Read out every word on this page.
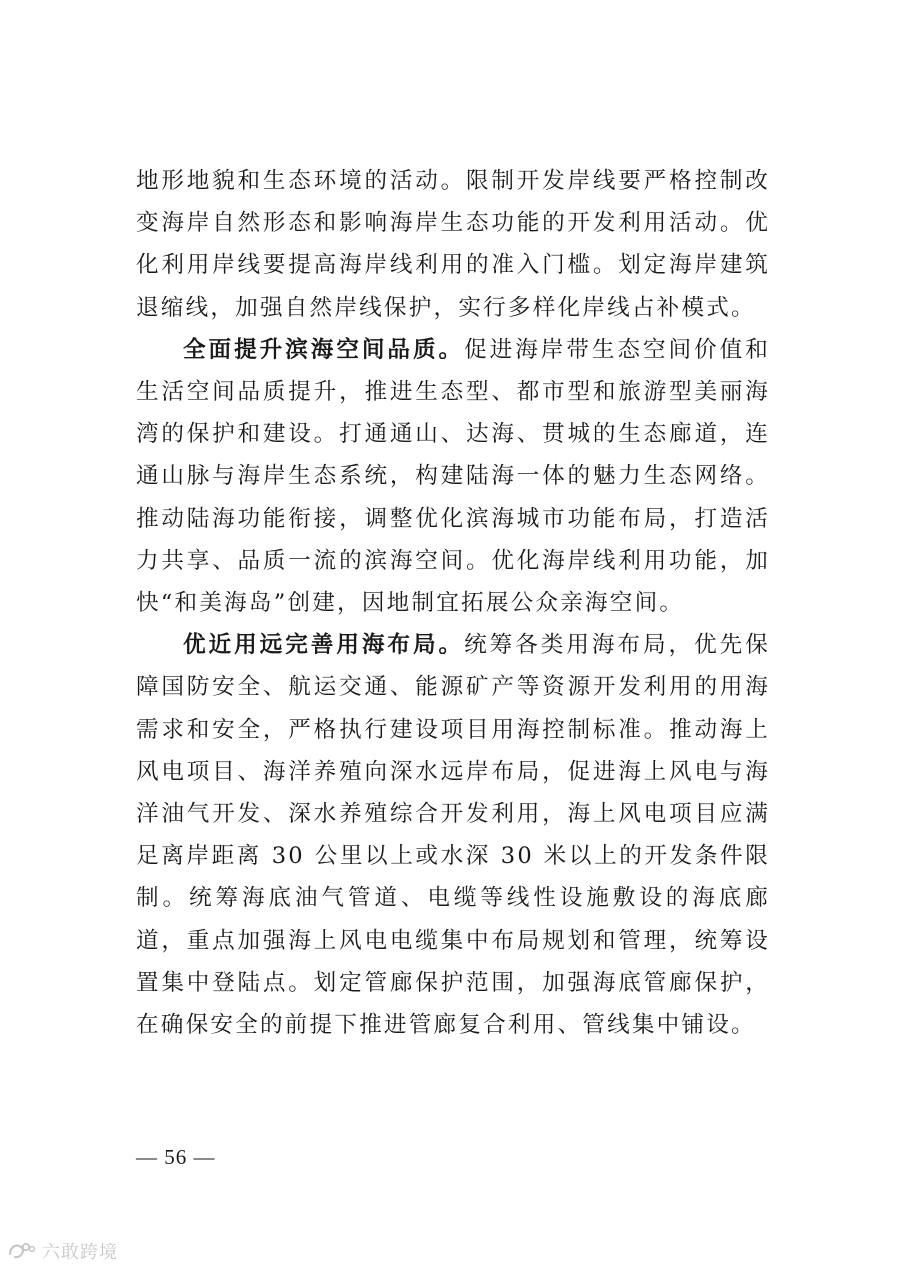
地形地貌和生态环境的活动。限制开发岸线要严格控制改变海岸自然形态和影响海岸生态功能的开发利用活动。优化利用岸线要提高海岸线利用的准入门槛。划定海岸建筑退缩线，加强自然岸线保护，实行多样化岸线占补模式。

全面提升滨海空间品质。促进海岸带生态空间价值和生活空间品质提升，推进生态型、都市型和旅游型美丽海湾的保护和建设。打通通山、达海、贯城的生态廊道，连通山脉与海岸生态系统，构建陆海一体的魅力生态网络。推动陆海功能衔接，调整优化滨海城市功能布局，打造活力共享、品质一流的滨海空间。优化海岸线利用功能，加快“和美海岛”创建，因地制宜拓展公众亲海空间。

优近用远完善用海布局。统筹各类用海布局，优先保障国防安全、航运交通、能源矿产等资源开发利用的用海需求和安全，严格执行建设项目用海控制标准。推动海上风电项目、海洋养殖向深水远岸布局，促进海上风电与海洋油气开发、深水养殖综合开发利用，海上风电项目应满足离岸距离 30 公里以上或水深 30 米以上的开发条件限制。统筹海底油气管道、电缆等线性设施敷设的海底廊道，重点加强海上风电电缆集中布局规划和管理，统筹设置集中登陆点。划定管廊保护范围，加强海底管廊保护，在确保安全的前提下推进管廊复合利用、管线集中铺设。

— 56 —
六敢跨境
